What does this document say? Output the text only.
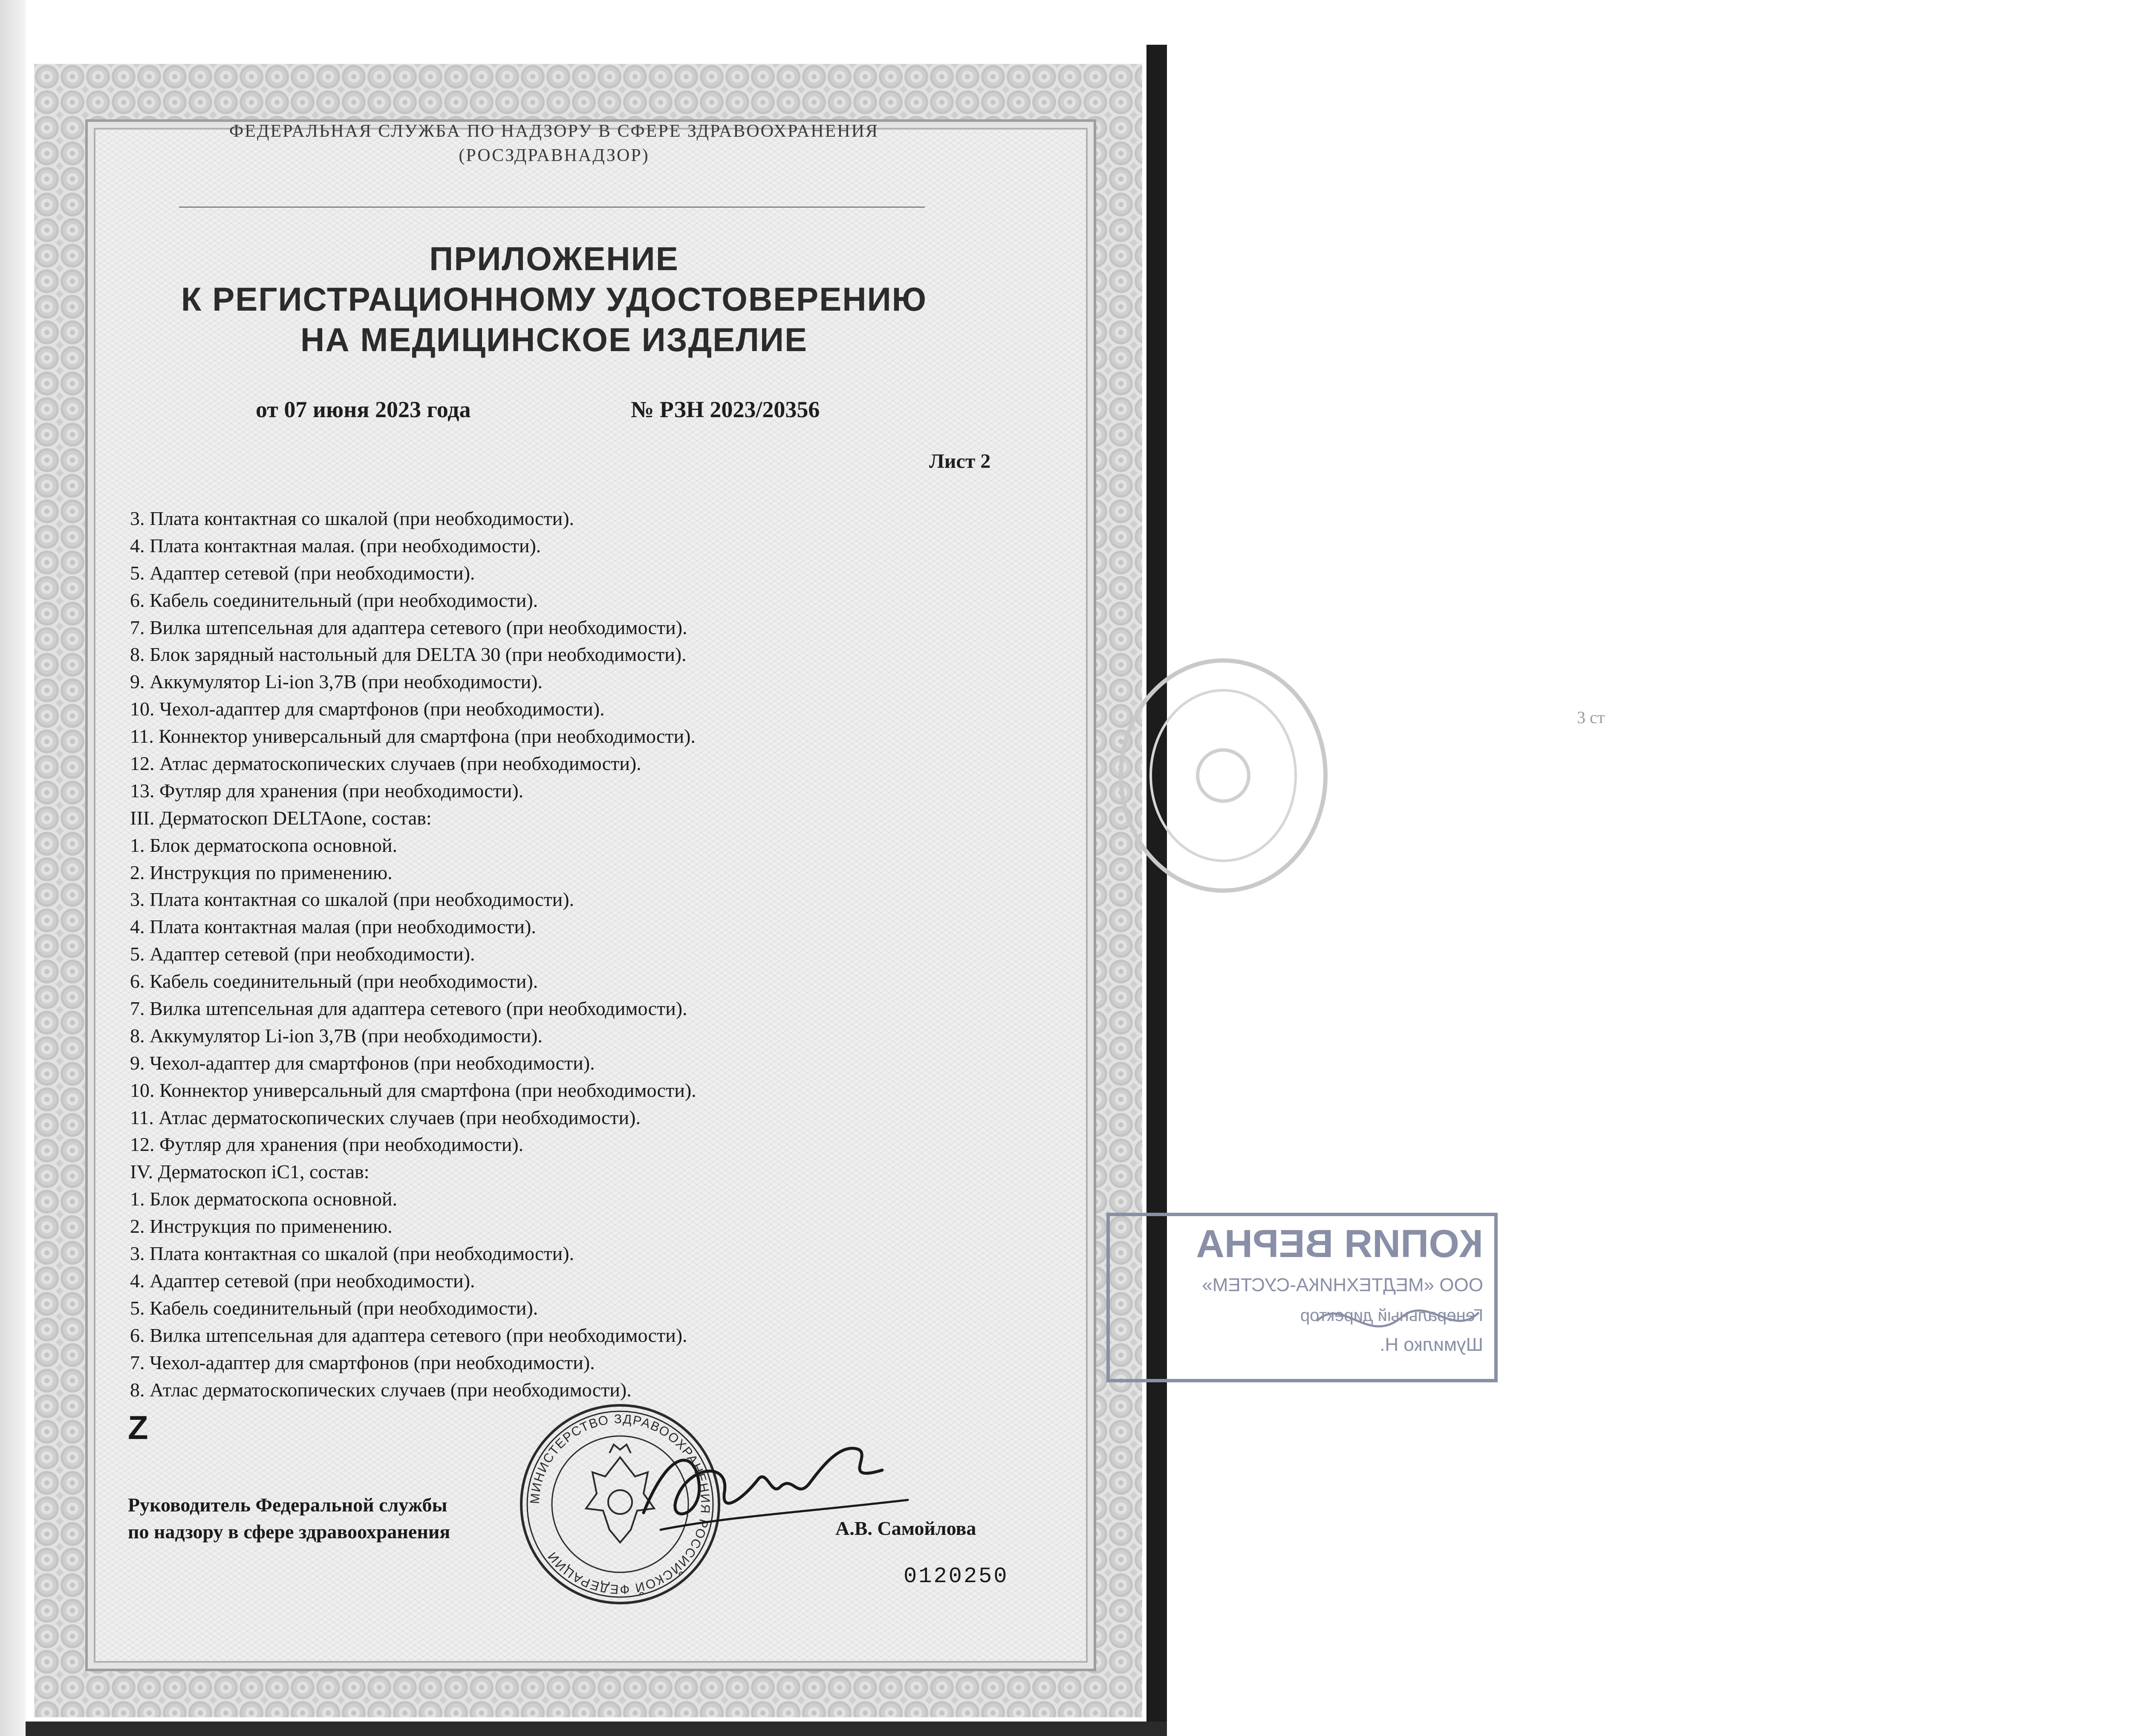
ФЕДЕРАЛЬНАЯ СЛУЖБА ПО НАДЗОРУ В СФЕРЕ ЗДРАВООХРАНЕНИЯ
(РОСЗДРАВНАДЗОР)
ПРИЛОЖЕНИЕ
К РЕГИСТРАЦИОННОМУ УДОСТОВЕРЕНИЮ
НА МЕДИЦИНСКОЕ ИЗДЕЛИЕ
от 07 июня 2023 года	№ РЗН 2023/20356
Лист 2
3. Плата контактная со шкалой (при необходимости).
4. Плата контактная малая. (при необходимости).
5. Адаптер сетевой (при необходимости).
6. Кабель соединительный (при необходимости).
7. Вилка штепсельная для адаптера сетевого (при необходимости).
8. Блок зарядный настольный для DELTA 30 (при необходимости).
9. Аккумулятор Li-ion 3,7В (при необходимости).
10. Чехол-адаптер для смартфонов (при необходимости).
11. Коннектор универсальный для смартфона (при необходимости).
12. Атлас дерматоскопических случаев (при необходимости).
13. Футляр для хранения (при необходимости).
III. Дерматоскоп DELTAone, состав:
1. Блок дерматоскопа основной.
2. Инструкция по применению.
3. Плата контактная со шкалой (при необходимости).
4. Плата контактная малая (при необходимости).
5. Адаптер сетевой (при необходимости).
6. Кабель соединительный (при необходимости).
7. Вилка штепсельная для адаптера сетевого (при необходимости).
8. Аккумулятор Li-ion 3,7В (при необходимости).
9. Чехол-адаптер для смартфонов (при необходимости).
10. Коннектор универсальный для смартфона (при необходимости).
11. Атлас дерматоскопических случаев (при необходимости).
12. Футляр для хранения (при необходимости).
IV. Дерматоскоп iC1, состав:
1. Блок дерматоскопа основной.
2. Инструкция по применению.
3. Плата контактная со шкалой (при необходимости).
4. Адаптер сетевой (при необходимости).
5. Кабель соединительный (при необходимости).
6. Вилка штепсельная для адаптера сетевого (при необходимости).
7. Чехол-адаптер для смартфонов (при необходимости).
8. Атлас дерматоскопических случаев (при необходимости).
Z
МИНИСТЕРСТВО ЗДРАВООХРАНЕНИЯ РОССИЙСКОЙ ФЕДЕРАЦИИ
Руководитель Федеральной службы
по надзору в сфере здравоохранения	А.В. Самойлова
0120250
3 ст
КОПИЯ ВЕРНА
ООО «МЕДТЕХНИКА-СУСТЕМ»
Генеральный директор
Шумилко Н.
